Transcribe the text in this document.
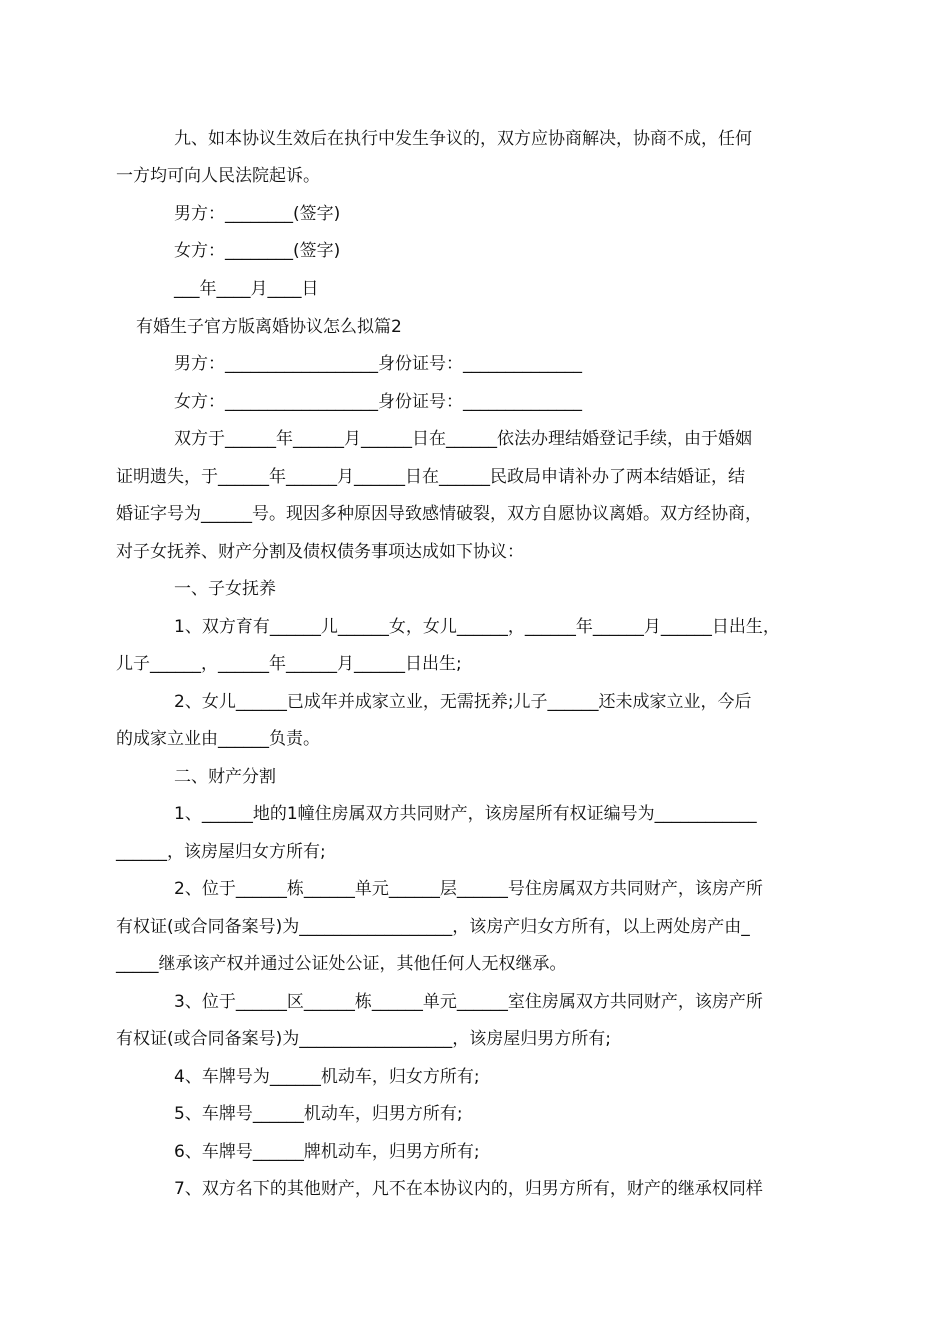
九、如本协议生效后在执行中发生争议的，双方应协商解决，协商不成，任何
一方均可向人民法院起诉。
男方：________(签字)
女方：________(签字)
___年____月____日
有婚生子官方版离婚协议怎么拟篇2
男方：__________________身份证号：______________
女方：__________________身份证号：______________
双方于______年______月______日在______依法办理结婚登记手续，由于婚姻
证明遗失，于______年______月______日在______民政局申请补办了两本结婚证，结
婚证字号为______号。现因多种原因导致感情破裂，双方自愿协议离婚。双方经协商，
对子女抚养、财产分割及债权债务事项达成如下协议：
一、子女抚养
1、双方育有______儿______女，女儿______，______年______月______日出生，
儿子______，______年______月______日出生;
2、女儿______已成年并成家立业，无需抚养;儿子______还未成家立业，今后
的成家立业由______负责。
二、财产分割
1、______地的1幢住房属双方共同财产，该房屋所有权证编号为____________
______，该房屋归女方所有;
2、位于______栋______单元______层______号住房属双方共同财产，该房产所
有权证(或合同备案号)为__________________，该房产归女方所有，以上两处房产由_
_____继承该产权并通过公证处公证，其他任何人无权继承。
3、位于______区______栋______单元______室住房属双方共同财产，该房产所
有权证(或合同备案号)为__________________，该房屋归男方所有;
4、车牌号为______机动车，归女方所有;
5、车牌号______机动车，归男方所有;
6、车牌号______牌机动车，归男方所有;
7、双方名下的其他财产，凡不在本协议内的，归男方所有，财产的继承权同样
